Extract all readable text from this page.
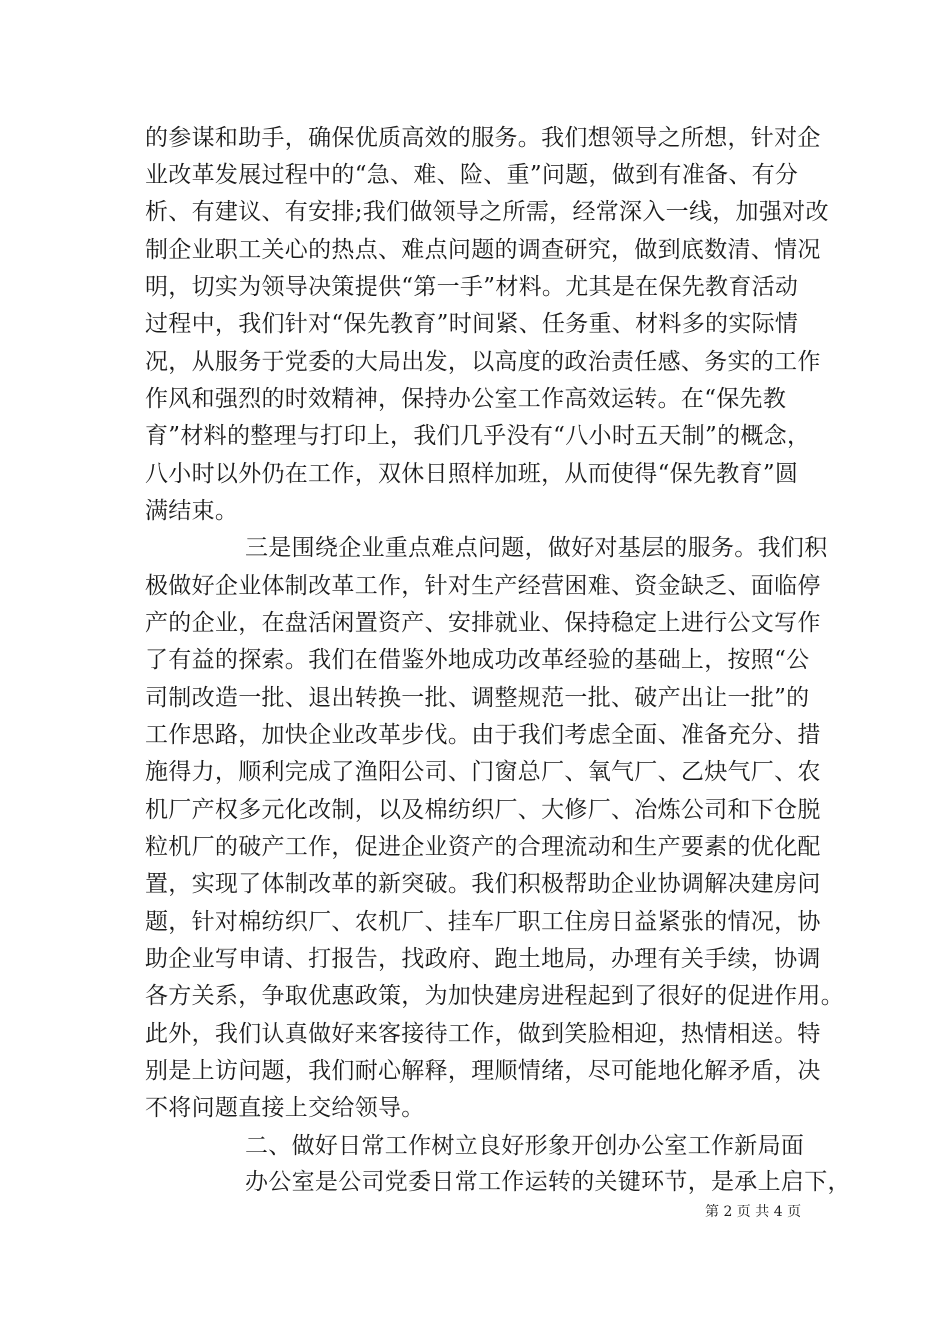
的参谋和助手，确保优质高效的服务。我们想领导之所想，针对企
业改革发展过程中的“急、难、险、重”问题，做到有准备、有分
析、有建议、有安排;我们做领导之所需，经常深入一线，加强对改
制企业职工关心的热点、难点问题的调查研究，做到底数清、情况
明，切实为领导决策提供“第一手”材料。尤其是在保先教育活动
过程中，我们针对“保先教育”时间紧、任务重、材料多的实际情
况，从服务于党委的大局出发，以高度的政治责任感、务实的工作
作风和强烈的时效精神，保持办公室工作高效运转。在“保先教
育”材料的整理与打印上，我们几乎没有“八小时五天制”的概念，
八小时以外仍在工作，双休日照样加班，从而使得“保先教育”圆
满结束。
三是围绕企业重点难点问题，做好对基层的服务。我们积
极做好企业体制改革工作，针对生产经营困难、资金缺乏、面临停
产的企业，在盘活闲置资产、安排就业、保持稳定上进行公文写作
了有益的探索。我们在借鉴外地成功改革经验的基础上，按照“公
司制改造一批、退出转换一批、调整规范一批、破产出让一批”的
工作思路，加快企业改革步伐。由于我们考虑全面、准备充分、措
施得力，顺利完成了渔阳公司、门窗总厂、氧气厂、乙炔气厂、农
机厂产权多元化改制，以及棉纺织厂、大修厂、冶炼公司和下仓脱
粒机厂的破产工作，促进企业资产的合理流动和生产要素的优化配
置，实现了体制改革的新突破。我们积极帮助企业协调解决建房问
题，针对棉纺织厂、农机厂、挂车厂职工住房日益紧张的情况，协
助企业写申请、打报告，找政府、跑土地局，办理有关手续，协调
各方关系，争取优惠政策，为加快建房进程起到了很好的促进作用。
此外，我们认真做好来客接待工作，做到笑脸相迎，热情相送。特
别是上访问题，我们耐心解释，理顺情绪，尽可能地化解矛盾，决
不将问题直接上交给领导。
二、做好日常工作树立良好形象开创办公室工作新局面
办公室是公司党委日常工作运转的关键环节，是承上启下，
第 2 页 共 4 页
